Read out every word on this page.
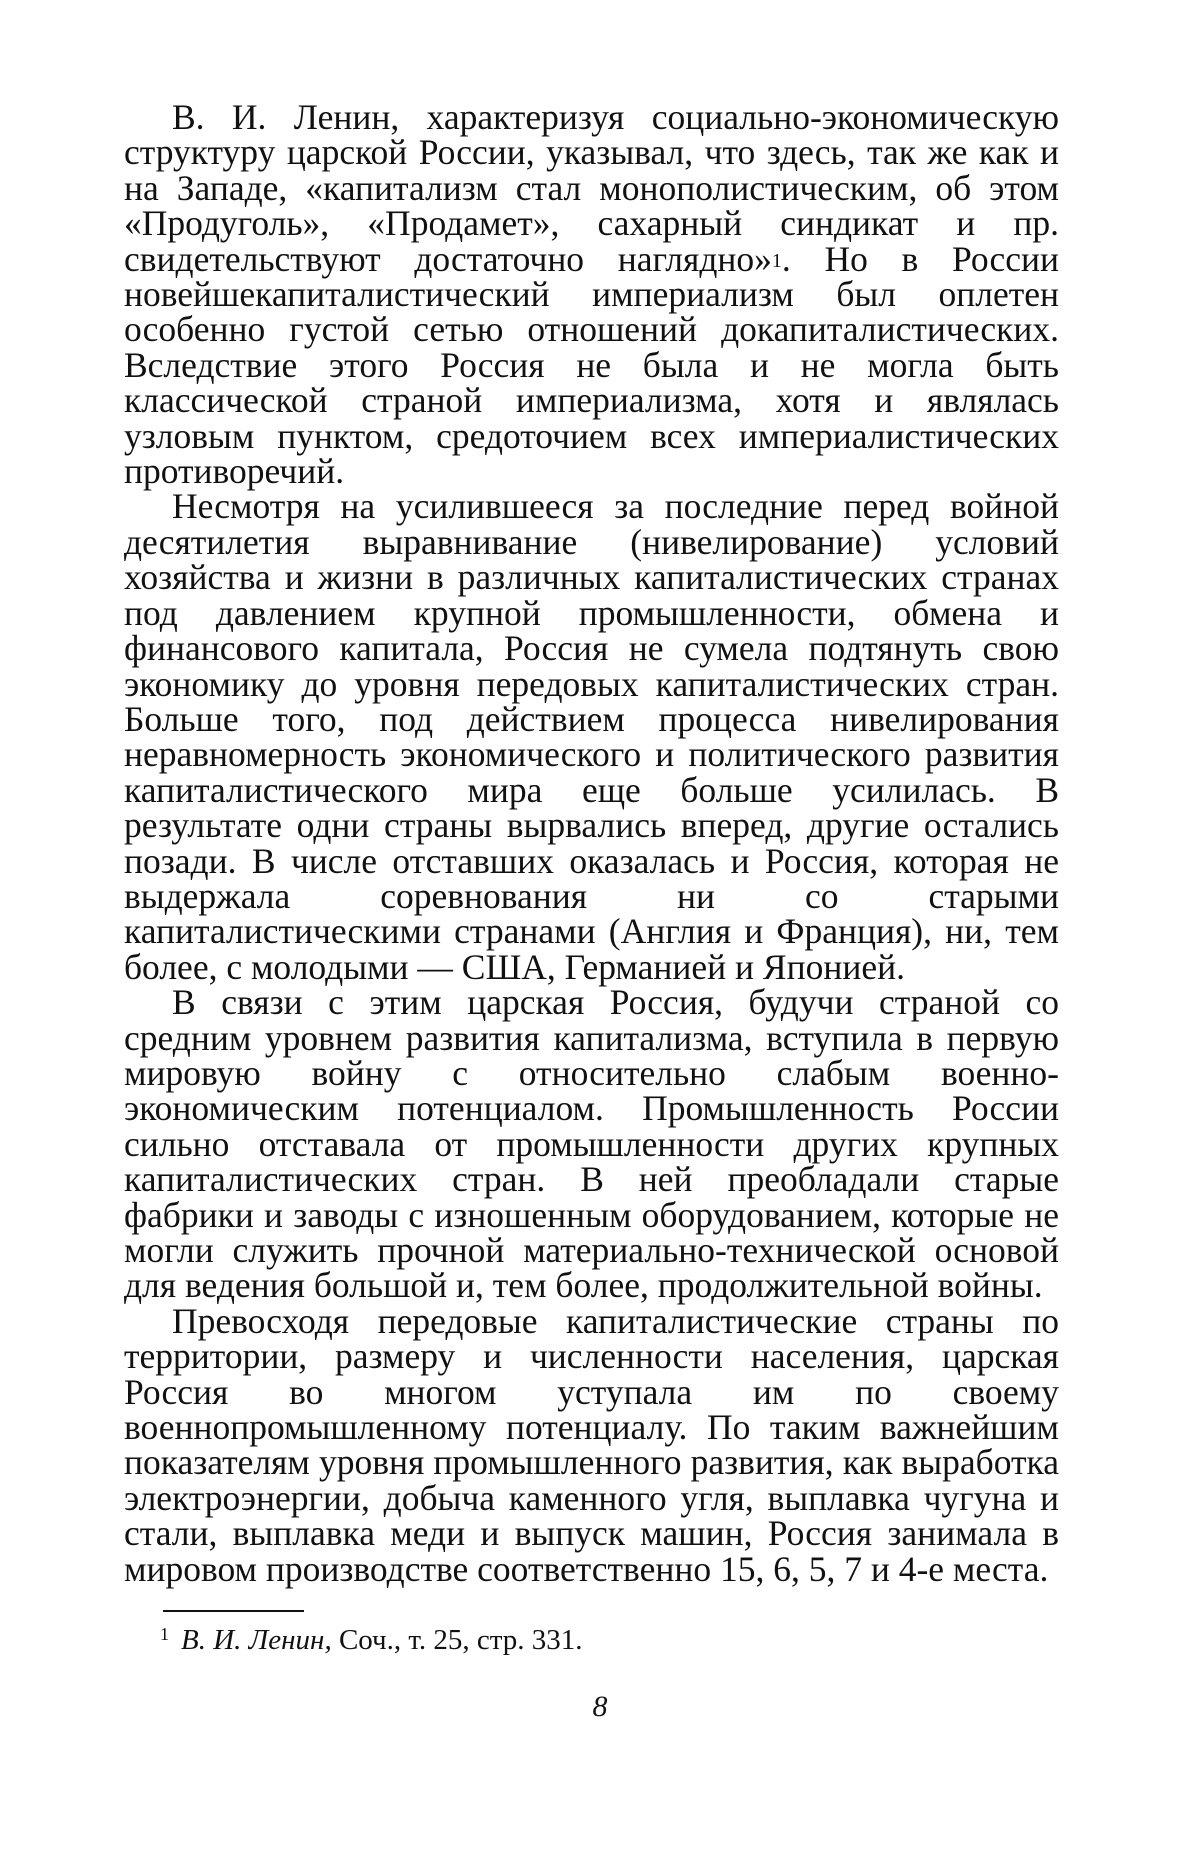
В. И. Ленин, характеризуя социально-экономическую структуру царской России, указывал, что здесь, так же как и на Западе, «капитализм стал монополистическим, об этом «Продуголь», «Продамет», сахарный синдикат и пр. свидетельствуют достаточно наглядно»$^1$. Но в России новейшекапиталистический империализм был оплетен особенно густой сетью отношений докапиталистических. Вследствие этого Россия не была и не могла быть классической страной империализма, хотя и являлась узловым пунктом, средоточием всех империалистических противоречий.

Несмотря на усилившееся за последние перед войной десятилетия выравнивание (нивелирование) условий хозяйства и жизни в различных капиталистических странах под давлением крупной промышленности, обмена и финансового капитала, Россия не сумела подтянуть свою экономику до уровня передовых капиталистических стран. Больше того, под действием процесса нивелирования неравномерность экономического и политического развития капиталистического мира еще больше усилилась. В результате одни страны вырвались вперед, другие остались позади. В числе отставших оказалась и Россия, которая не выдержала соревнования ни со старыми капиталистическими странами (Англия и Франция), ни, тем более, с молодыми — США, Германией и Японией.

В связи с этим царская Россия, будучи страной со средним уровнем развития капитализма, вступила в первую мировую войну с относительно слабым военно-экономическим потенциалом. Промышленность России сильно отставала от промышленности других крупных капиталистических стран. В ней преобладали старые фабрики и заводы с изношенным оборудованием, которые не могли служить прочной материально-технической основой для ведения большой и, тем более, продолжительной войны.

Превосходя передовые капиталистические страны по территории, размеру и численности населения, царская Россия во многом уступала им по своему военнопромышленному потенциалу. По таким важнейшим показателям уровня промышленного развития, как выработка электроэнергии, добыча каменного угля, выплавка чугуна и стали, выплавка меди и выпуск машин, Россия занимала в мировом производстве соответственно 15, 6, 5, 7 и 4-е места.

$^1$ В. И. Ленин, Соч., т. 25, стр. 331.
8
